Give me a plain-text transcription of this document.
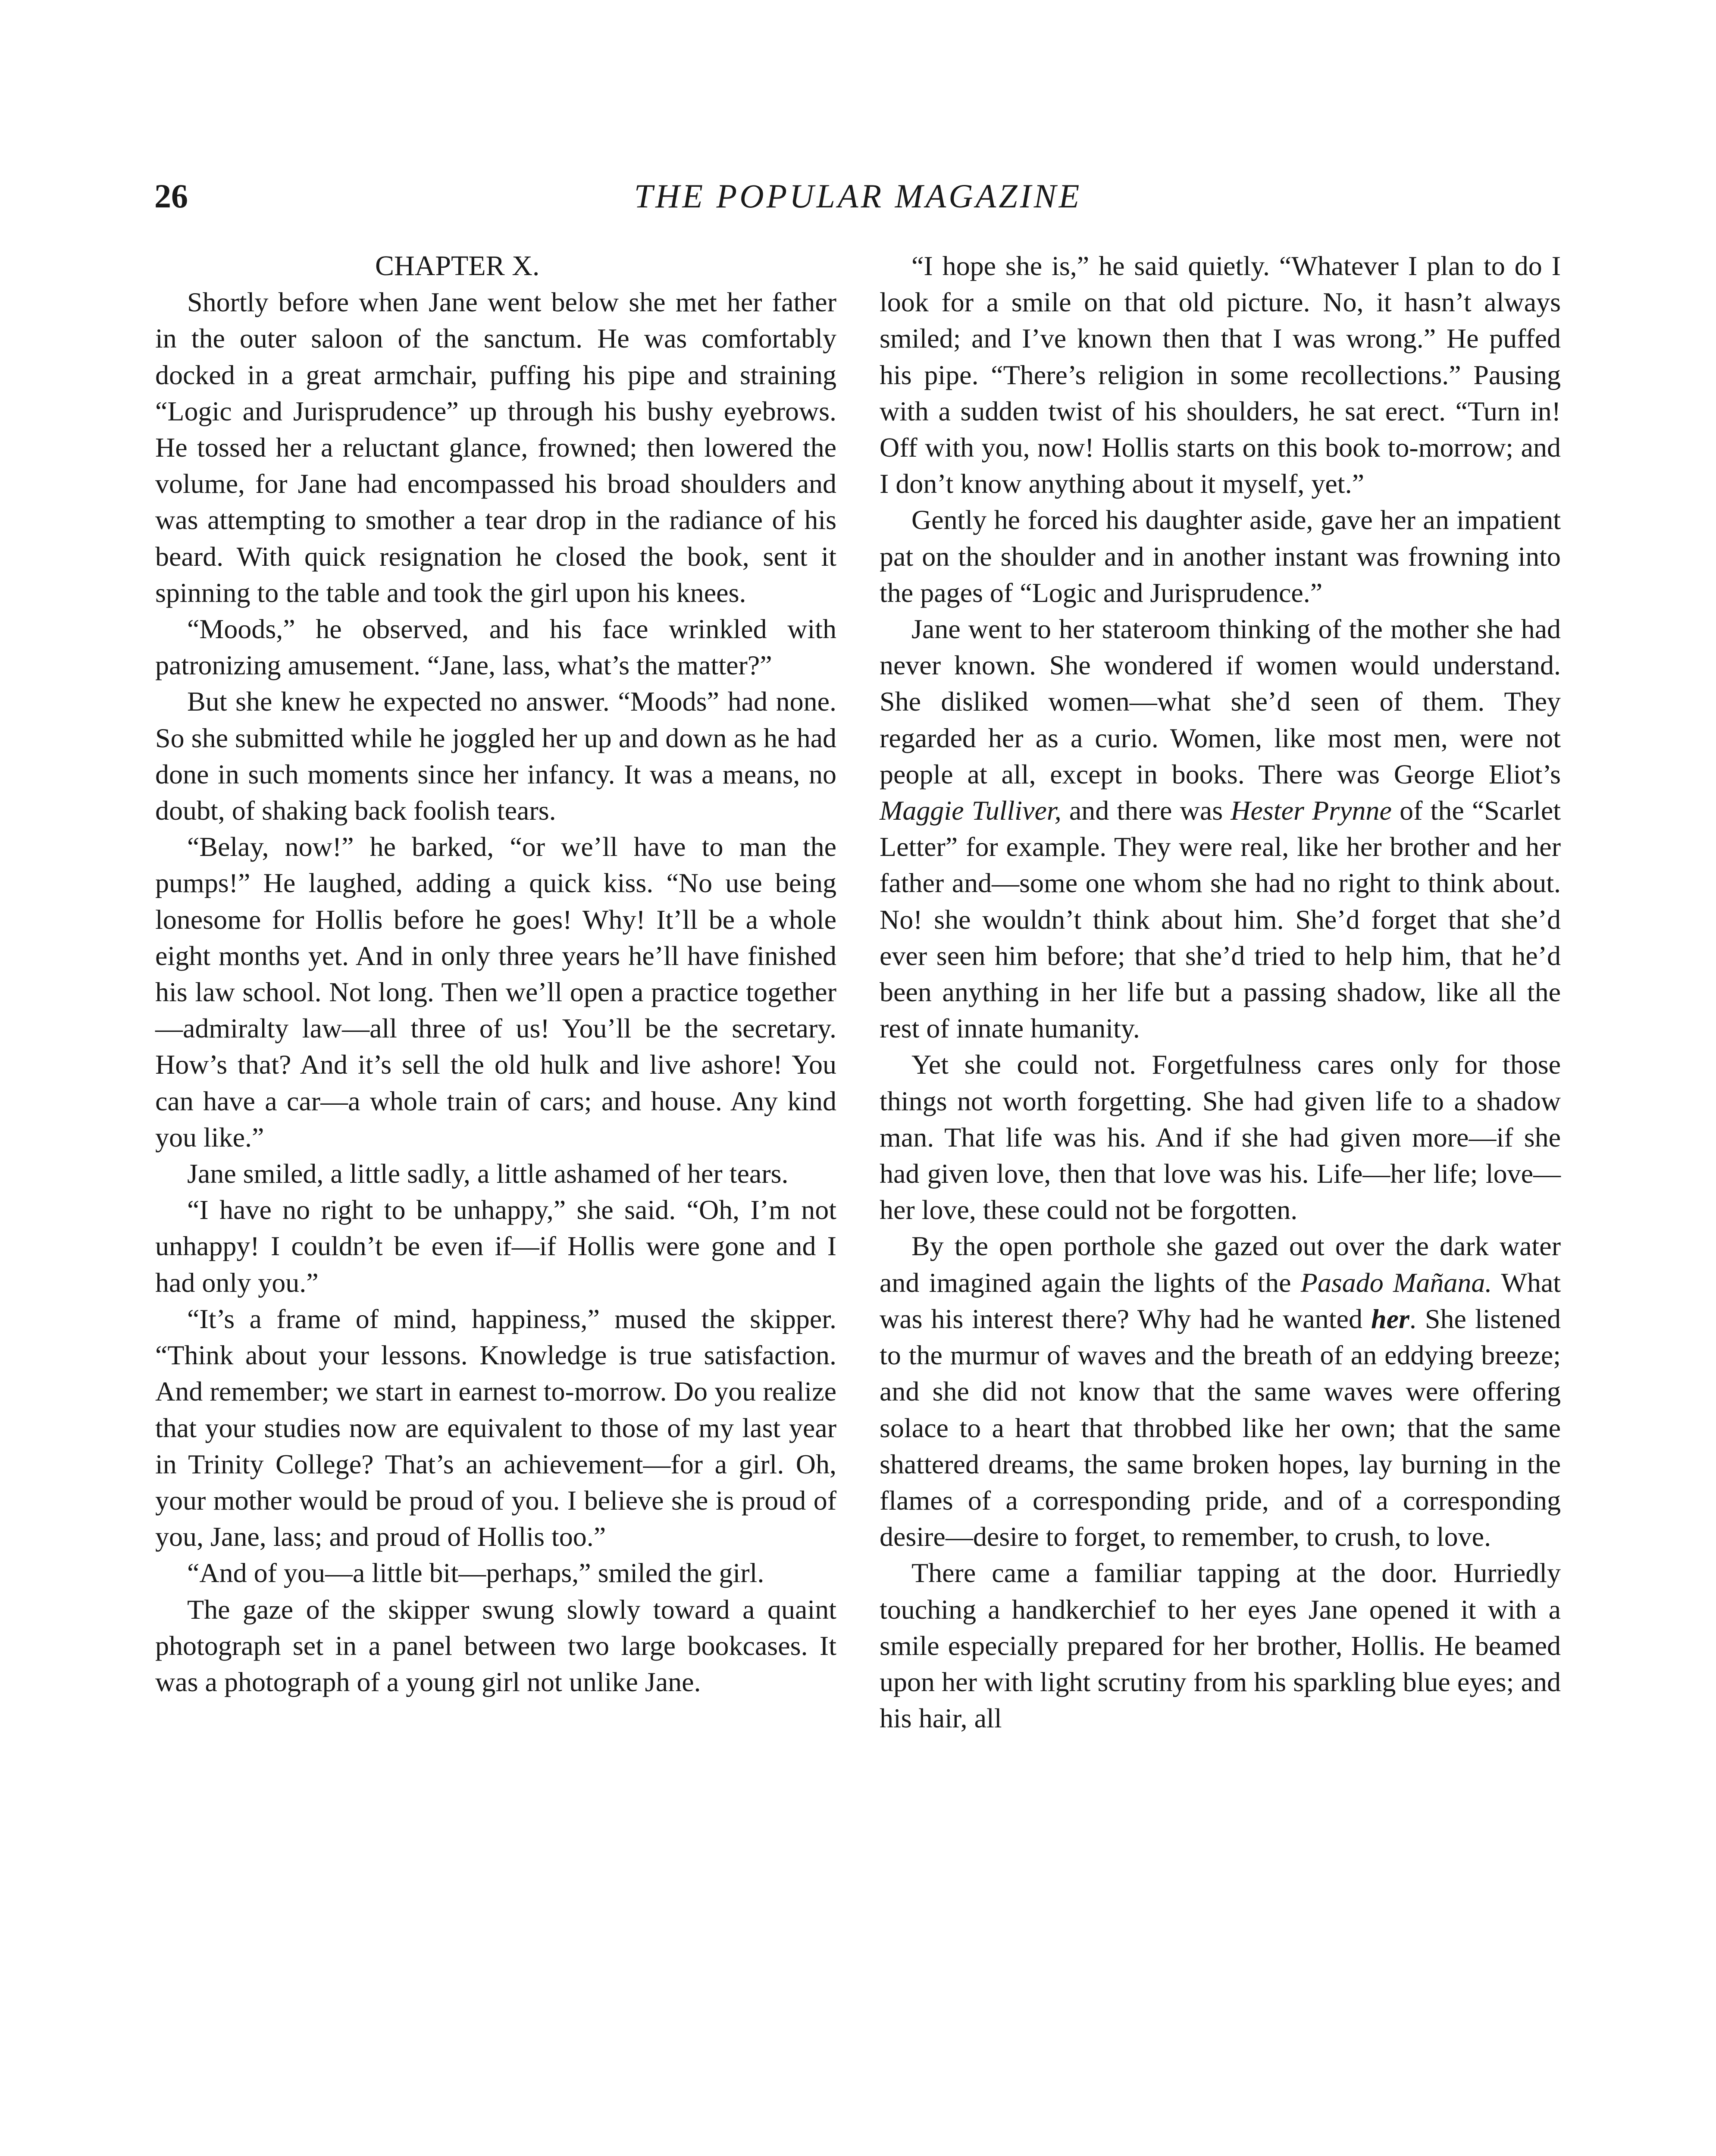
26	THE POPULAR MAGAZINE

CHAPTER X.

Shortly before when Jane went below she met her father in the outer saloon of the sanctum. He was comfortably docked in a great armchair, puffing his pipe and straining “Logic and Jurisprudence” up through his bushy eyebrows. He tossed her a reluctant glance, frowned; then lowered the volume, for Jane had encompassed his broad shoulders and was attempting to smother a tear drop in the radiance of his beard. With quick resignation he closed the book, sent it spinning to the table and took the girl upon his knees.

“Moods,” he observed, and his face wrinkled with patronizing amusement. “Jane, lass, what’s the matter?”

But she knew he expected no answer. “Moods” had none. So she submitted while he joggled her up and down as he had done in such moments since her infancy. It was a means, no doubt, of shaking back foolish tears.

“Belay, now!” he barked, “or we’ll have to man the pumps!” He laughed, adding a quick kiss. “No use being lonesome for Hollis before he goes! Why! It’ll be a whole eight months yet. And in only three years he’ll have finished his law school. Not long. Then we’ll open a practice together —admiralty law—all three of us! You’ll be the secretary. How’s that? And it’s sell the old hulk and live ashore! You can have a car—a whole train of cars; and house. Any kind you like.”

Jane smiled, a little sadly, a little ashamed of her tears.

“I have no right to be unhappy,” she said. “Oh, I’m not unhappy! I couldn’t be even if—if Hollis were gone and I had only you.”

“It’s a frame of mind, happiness,” mused the skipper. “Think about your lessons. Knowledge is true satisfaction. And remember; we start in earnest to-morrow. Do you realize that your studies now are equivalent to those of my last year in Trinity College? That’s an achievement—for a girl. Oh, your mother would be proud of you. I believe she is proud of you, Jane, lass; and proud of Hollis too.”

“And of you—a little bit—perhaps,” smiled the girl.

The gaze of the skipper swung slowly toward a quaint photograph set in a panel between two large bookcases. It was a photograph of a young girl not unlike Jane.

“I hope she is,” he said quietly. “Whatever I plan to do I look for a smile on that old picture. No, it hasn’t always smiled; and I’ve known then that I was wrong.” He puffed his pipe. “There’s religion in some recollections.” Pausing with a sudden twist of his shoulders, he sat erect. “Turn in! Off with you, now! Hollis starts on this book to-morrow; and I don’t know anything about it myself, yet.”

Gently he forced his daughter aside, gave her an impatient pat on the shoulder and in another instant was frowning into the pages of “Logic and Jurisprudence.”

Jane went to her stateroom thinking of the mother she had never known. She wondered if women would understand. She disliked women—what she’d seen of them. They regarded her as a curio. Women, like most men, were not people at all, except in books. There was George Eliot’s Maggie Tulliver, and there was Hester Prynne of the “Scarlet Letter” for example. They were real, like her brother and her father and—some one whom she had no right to think about. No! she wouldn’t think about him. She’d forget that she’d ever seen him before; that she’d tried to help him, that he’d been anything in her life but a passing shadow, like all the rest of innate humanity.

Yet she could not. Forgetfulness cares only for those things not worth forgetting. She had given life to a shadow man. That life was his. And if she had given more—if she had given love, then that love was his. Life—her life; love—her love, these could not be forgotten.

By the open porthole she gazed out over the dark water and imagined again the lights of the Pasado Mañana. What was his interest there? Why had he wanted her. She listened to the murmur of waves and the breath of an eddying breeze; and she did not know that the same waves were offering solace to a heart that throbbed like her own; that the same shattered dreams, the same broken hopes, lay burning in the flames of a corresponding pride, and of a corresponding desire—desire to forget, to remember, to crush, to love.

There came a familiar tapping at the door. Hurriedly touching a handkerchief to her eyes Jane opened it with a smile especially prepared for her brother, Hollis. He beamed upon her with light scrutiny from his sparkling blue eyes; and his hair, all
